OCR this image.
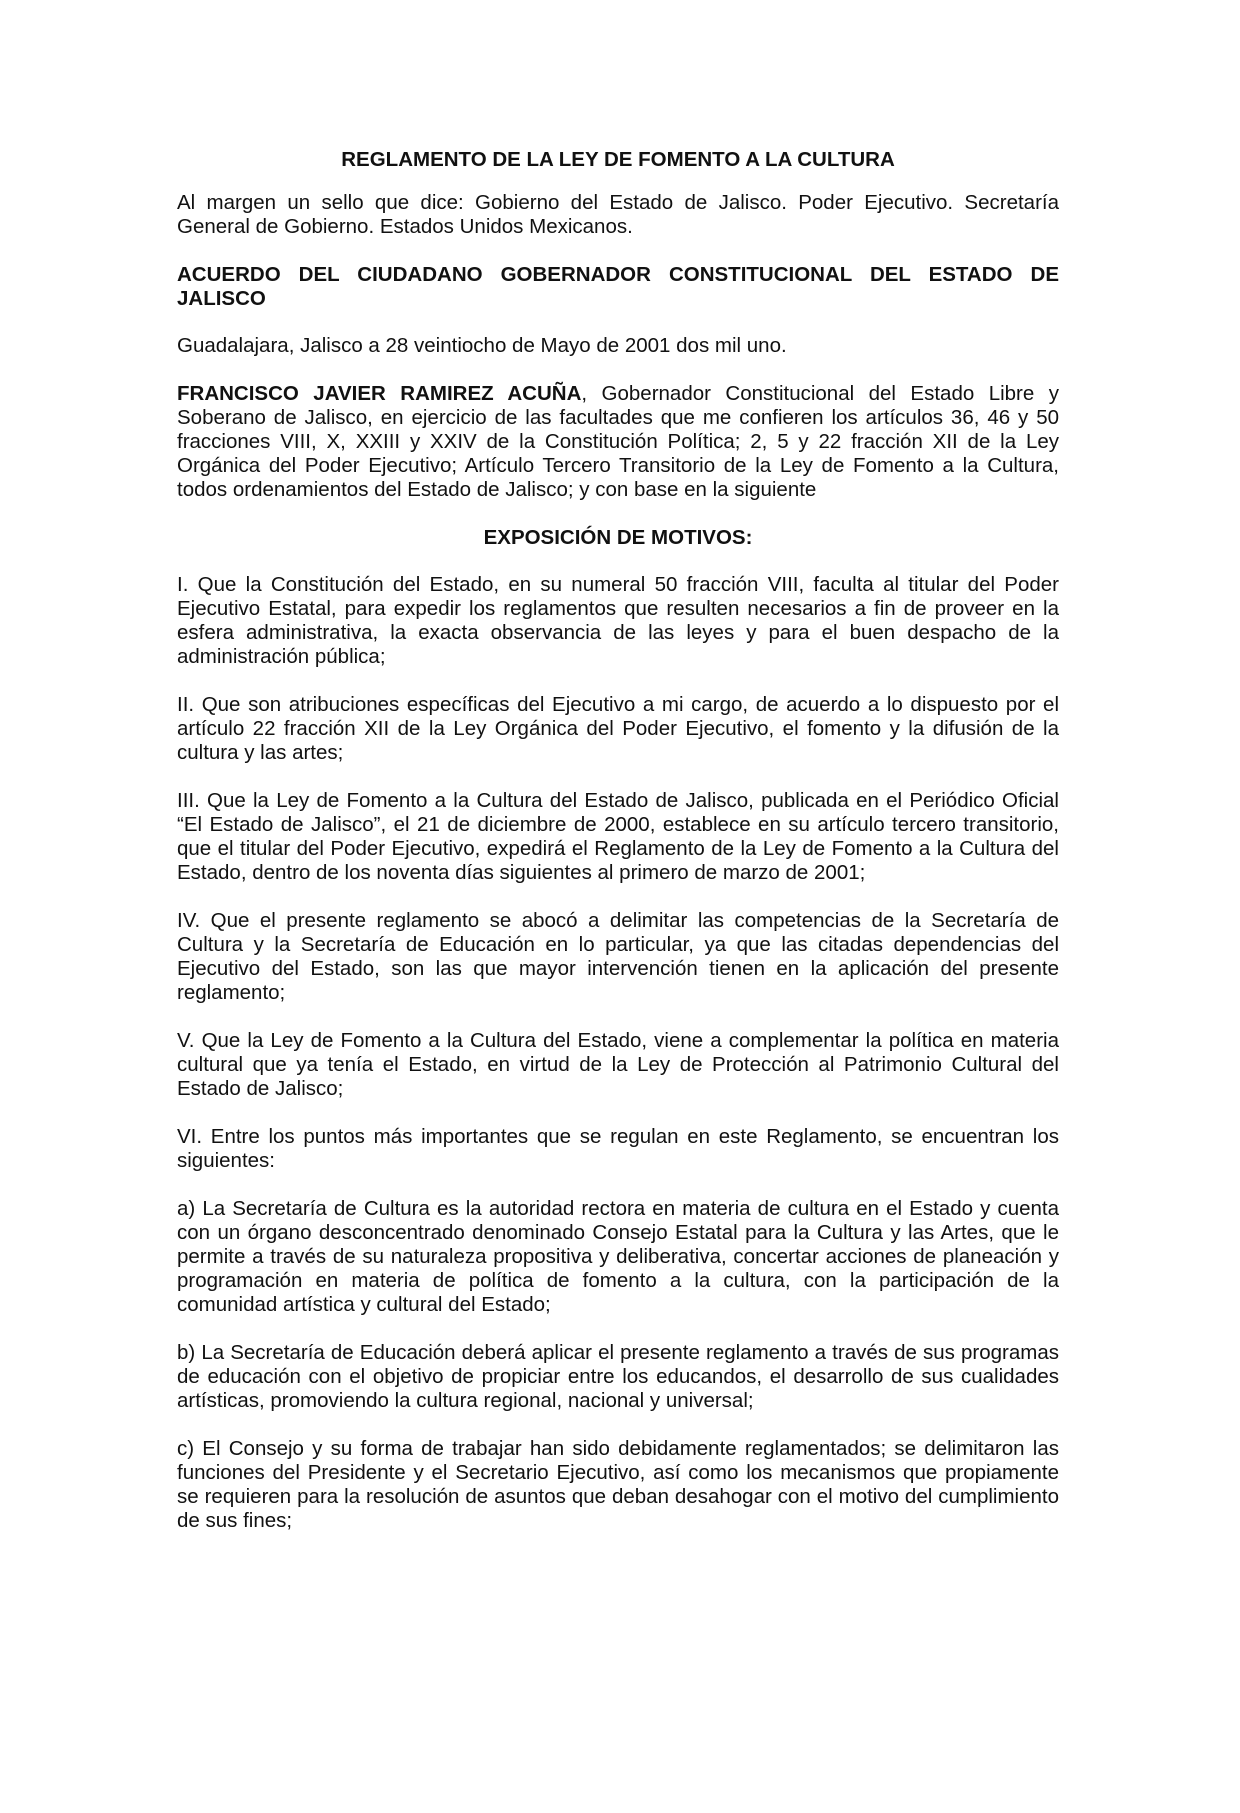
REGLAMENTO DE LA LEY DE FOMENTO A LA CULTURA

Al margen un sello que dice: Gobierno del Estado de Jalisco. Poder Ejecutivo. Secretaría General de Gobierno. Estados Unidos Mexicanos.

ACUERDO DEL CIUDADANO GOBERNADOR CONSTITUCIONAL DEL ESTADO DE JALISCO

Guadalajara, Jalisco a 28 veintiocho de Mayo de 2001 dos mil uno.

FRANCISCO JAVIER RAMIREZ ACUÑA, Gobernador Constitucional del Estado Libre y Soberano de Jalisco, en ejercicio de las facultades que me confieren los artículos 36, 46 y 50 fracciones VIII, X, XXIII y XXIV de la Constitución Política; 2, 5 y 22 fracción XII de la Ley Orgánica del Poder Ejecutivo; Artículo Tercero Transitorio de la Ley de Fomento a la Cultura, todos ordenamientos del Estado de Jalisco; y con base en la siguiente

EXPOSICIÓN DE MOTIVOS:

I. Que la Constitución del Estado, en su numeral 50 fracción VIII, faculta al titular del Poder Ejecutivo Estatal, para expedir los reglamentos que resulten necesarios a fin de proveer en la esfera administrativa, la exacta observancia de las leyes y para el buen despacho de la administración pública;

II. Que son atribuciones específicas del Ejecutivo a mi cargo, de acuerdo a lo dispuesto por el artículo 22 fracción XII de la Ley Orgánica del Poder Ejecutivo, el fomento y la difusión de la cultura y las artes;

III. Que la Ley de Fomento a la Cultura del Estado de Jalisco, publicada en el Periódico Oficial “El Estado de Jalisco”, el 21 de diciembre de 2000, establece en su artículo tercero transitorio, que el titular del Poder Ejecutivo, expedirá el Reglamento de la Ley de Fomento a la Cultura del Estado, dentro de los noventa días siguientes al primero de marzo de 2001;

IV. Que el presente reglamento se abocó a delimitar las competencias de la Secretaría de Cultura y la Secretaría de Educación en lo particular, ya que las citadas dependencias del Ejecutivo del Estado, son las que mayor intervención tienen en la aplicación del presente reglamento;

V. Que la Ley de Fomento a la Cultura del Estado, viene a complementar la política en materia cultural que ya tenía el Estado, en virtud de la Ley de Protección al Patrimonio Cultural del Estado de Jalisco;

VI. Entre los puntos más importantes que se regulan en este Reglamento, se encuentran los siguientes:

a) La Secretaría de Cultura es la autoridad rectora en materia de cultura en el Estado y cuenta con un órgano desconcentrado denominado Consejo Estatal para la Cultura y las Artes, que le permite a través de su naturaleza propositiva y deliberativa, concertar acciones de planeación y programación en materia de política de fomento a la cultura, con la participación de la comunidad artística y cultural del Estado;

b) La Secretaría de Educación deberá aplicar el presente reglamento a través de sus programas de educación con el objetivo de propiciar entre los educandos, el desarrollo de sus cualidades artísticas, promoviendo la cultura regional, nacional y universal;

c) El Consejo y su forma de trabajar han sido debidamente reglamentados; se delimitaron las funciones del Presidente y el Secretario Ejecutivo, así como los mecanismos que propiamente se requieren para la resolución de asuntos que deban desahogar con el motivo del cumplimiento de sus fines;
